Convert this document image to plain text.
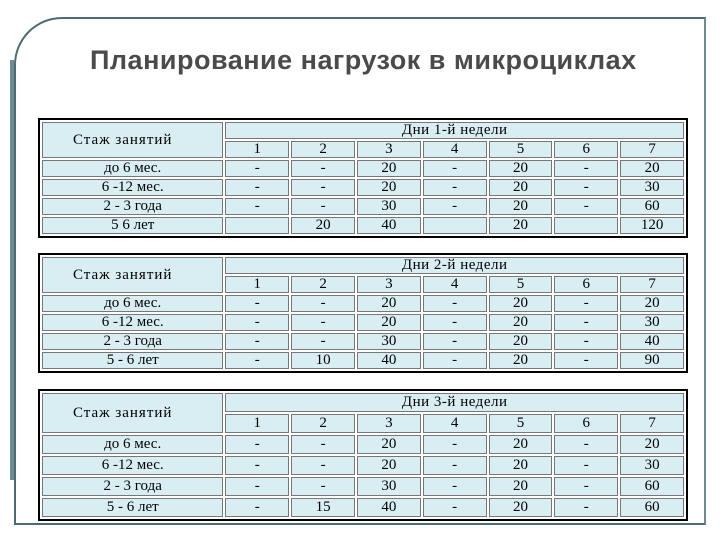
Планирование нагрузок в микроциклах
Стаж занятий	Дни 1-й недели						
	1	2	3	4	5	6	7
до 6 мес.	-	-	20	-	20	-	20
6 -12 мес.	-	-	20	-	20	-	30
2 - 3 года	-	-	30	-	20	-	60
5 6 лет		20	40		20		120
Стаж занятий	Дни 2-й недели						
	1	2	3	4	5	6	7
до 6 мес.	-	-	20	-	20	-	20
6 -12 мес.	-	-	20	-	20	-	30
2 - 3 года	-	-	30	-	20	-	40
5 - 6 лет	-	10	40	-	20	-	90
Стаж занятий	Дни 3-й недели						
	1	2	3	4	5	6	7
до 6 мес.	-	-	20	-	20	-	20
6 -12 мес.	-	-	20	-	20	-	30
2 - 3 года	-	-	30	-	20	-	60
5 - 6 лет	-	15	40	-	20	-	60
